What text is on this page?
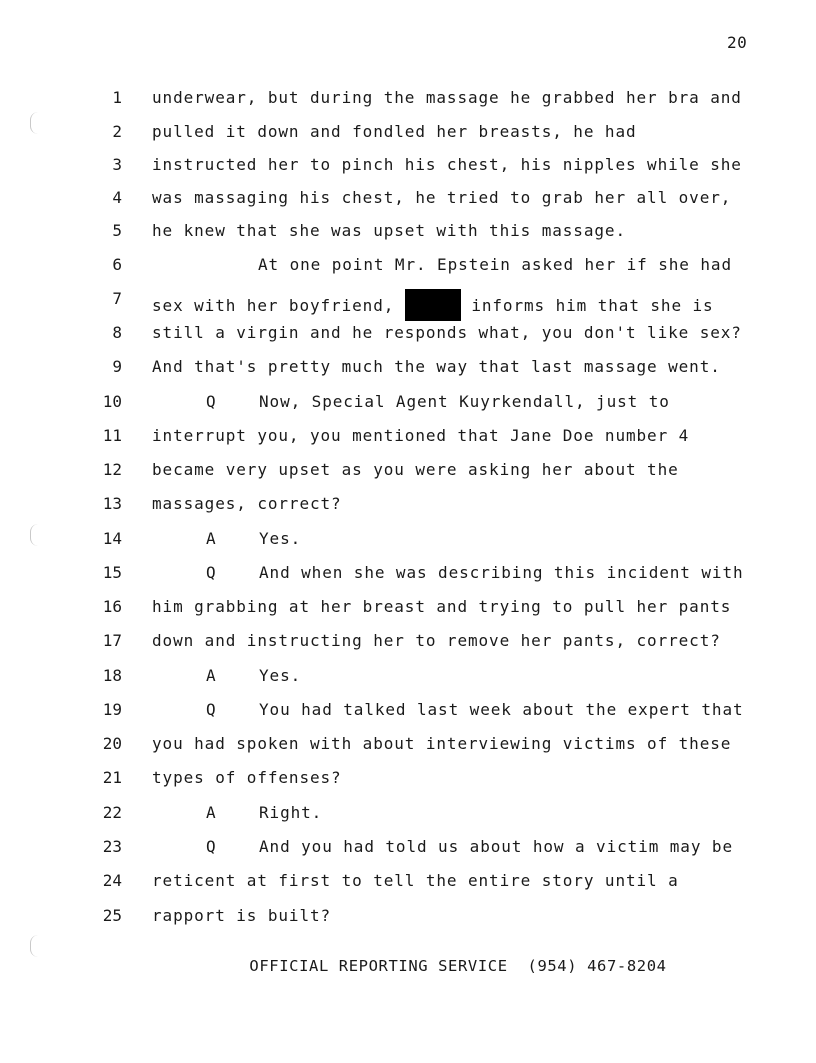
20
1 underwear, but during the massage he grabbed her bra and
2 pulled it down and fondled her breasts, he had
3 instructed her to pinch his chest, his nipples while she
4 was massaging his chest, he tried to grab her all over,
5 he knew that she was upset with this massage.
6	At one point Mr. Epstein asked her if she had
7 sex with her boyfriend,	informs him that she is
8 still a virgin and he responds what, you don't like sex?
9 And that's pretty much the way that last massage went.
10	Q	Now, Special Agent Kuyrkendall, just to
11 interrupt you, you mentioned that Jane Doe number 4
12 became very upset as you were asking her about the
13 massages, correct?
14	A	Yes.
15	Q	And when she was describing this incident with
16 him grabbing at her breast and trying to pull her pants
17 down and instructing her to remove her pants, correct?
18	A	Yes.
19	Q	You had talked last week about the expert that
20 you had spoken with about interviewing victims of these
21 types of offenses?
22	A	Right.
23	Q	And you had told us about how a victim may be
24 reticent at first to tell the entire story until a
25 rapport is built?
OFFICIAL REPORTING SERVICE  (954) 467-8204
